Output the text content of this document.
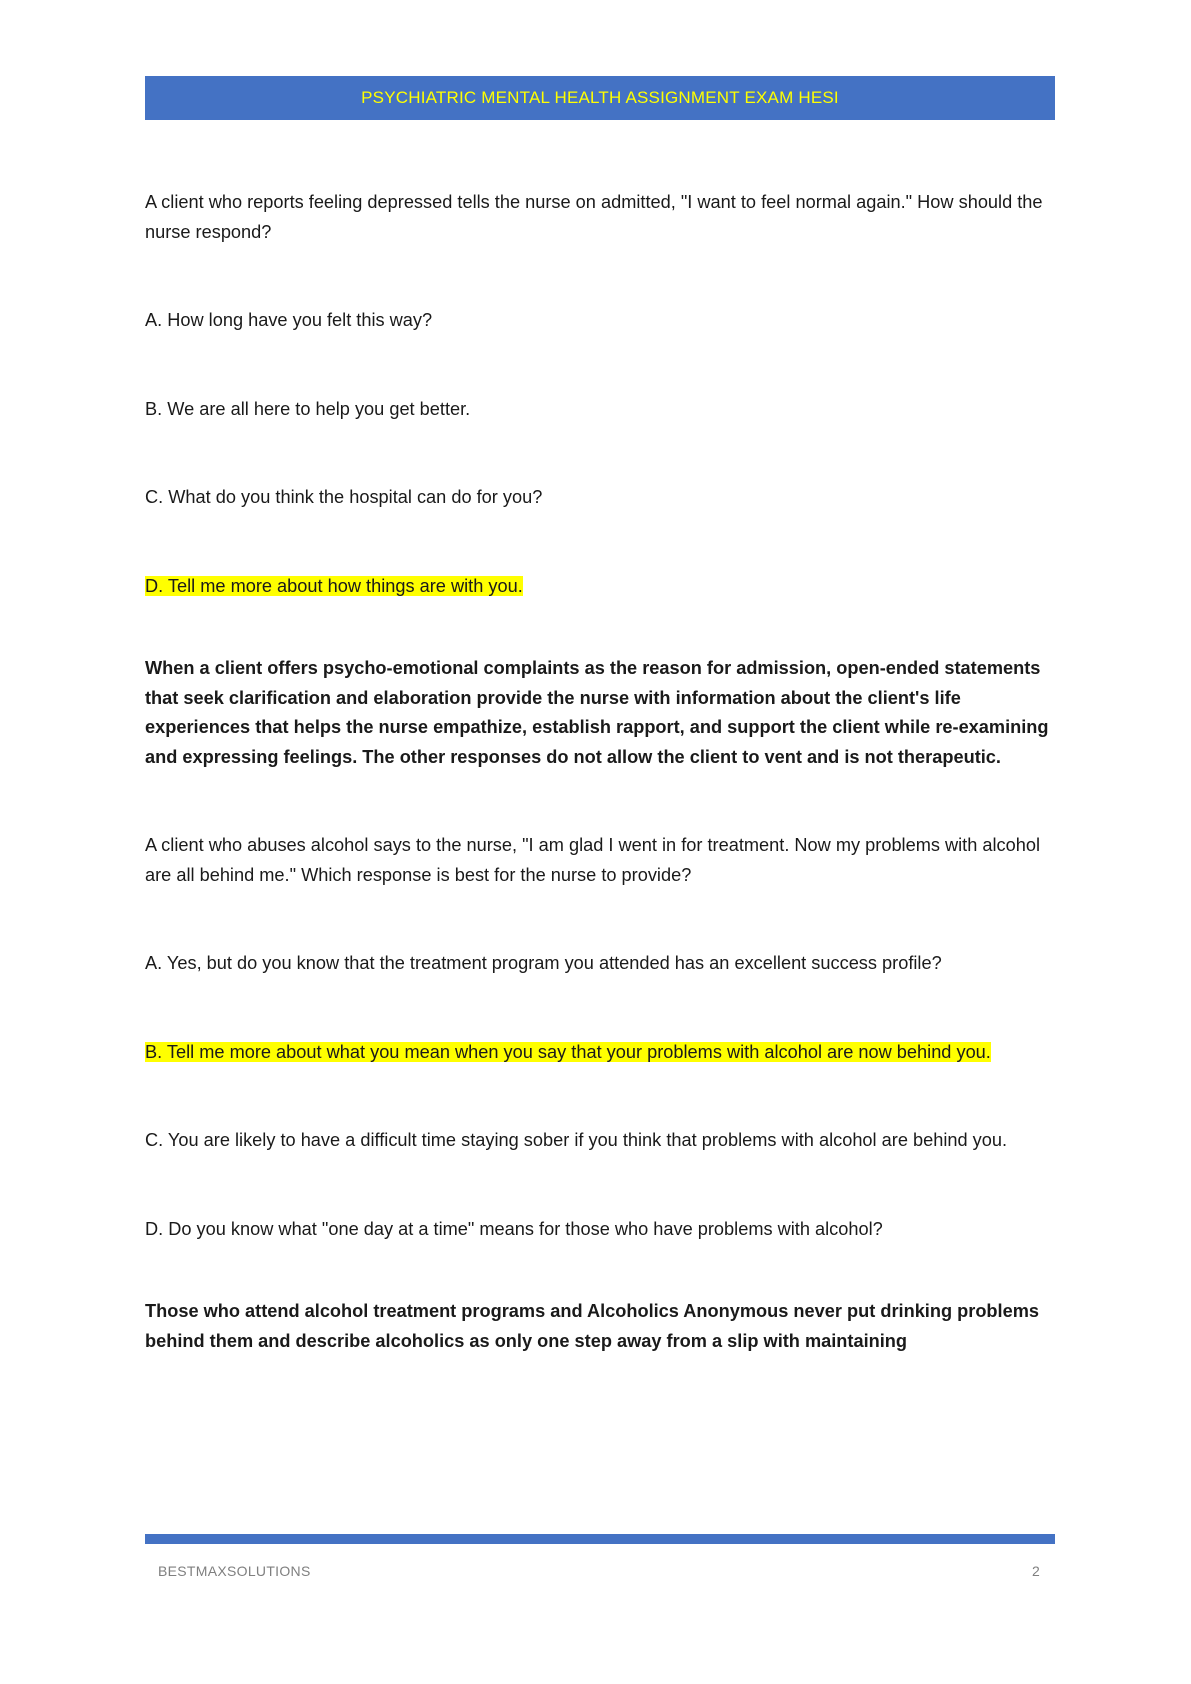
PSYCHIATRIC MENTAL HEALTH ASSIGNMENT EXAM HESI

A client who reports feeling depressed tells the nurse on admitted, "I want to feel normal again." How should the nurse respond?

A. How long have you felt this way?

B. We are all here to help you get better.

C. What do you think the hospital can do for you?

D. Tell me more about how things are with you.

When a client offers psycho-emotional complaints as the reason for admission, open-ended statements that seek clarification and elaboration provide the nurse with information about the client's life experiences that helps the nurse empathize, establish rapport, and support the client while re-examining and expressing feelings. The other responses do not allow the client to vent and is not therapeutic.

A client who abuses alcohol says to the nurse, "I am glad I went in for treatment. Now my problems with alcohol are all behind me." Which response is best for the nurse to provide?

A. Yes, but do you know that the treatment program you attended has an excellent success profile?

B. Tell me more about what you mean when you say that your problems with alcohol are now behind you.

C. You are likely to have a difficult time staying sober if you think that problems with alcohol are behind you.

D. Do you know what "one day at a time" means for those who have problems with alcohol?

Those who attend alcohol treatment programs and Alcoholics Anonymous never put drinking problems behind them and describe alcoholics as only one step away from a slip with maintaining

BESTMAXSOLUTIONS	2
